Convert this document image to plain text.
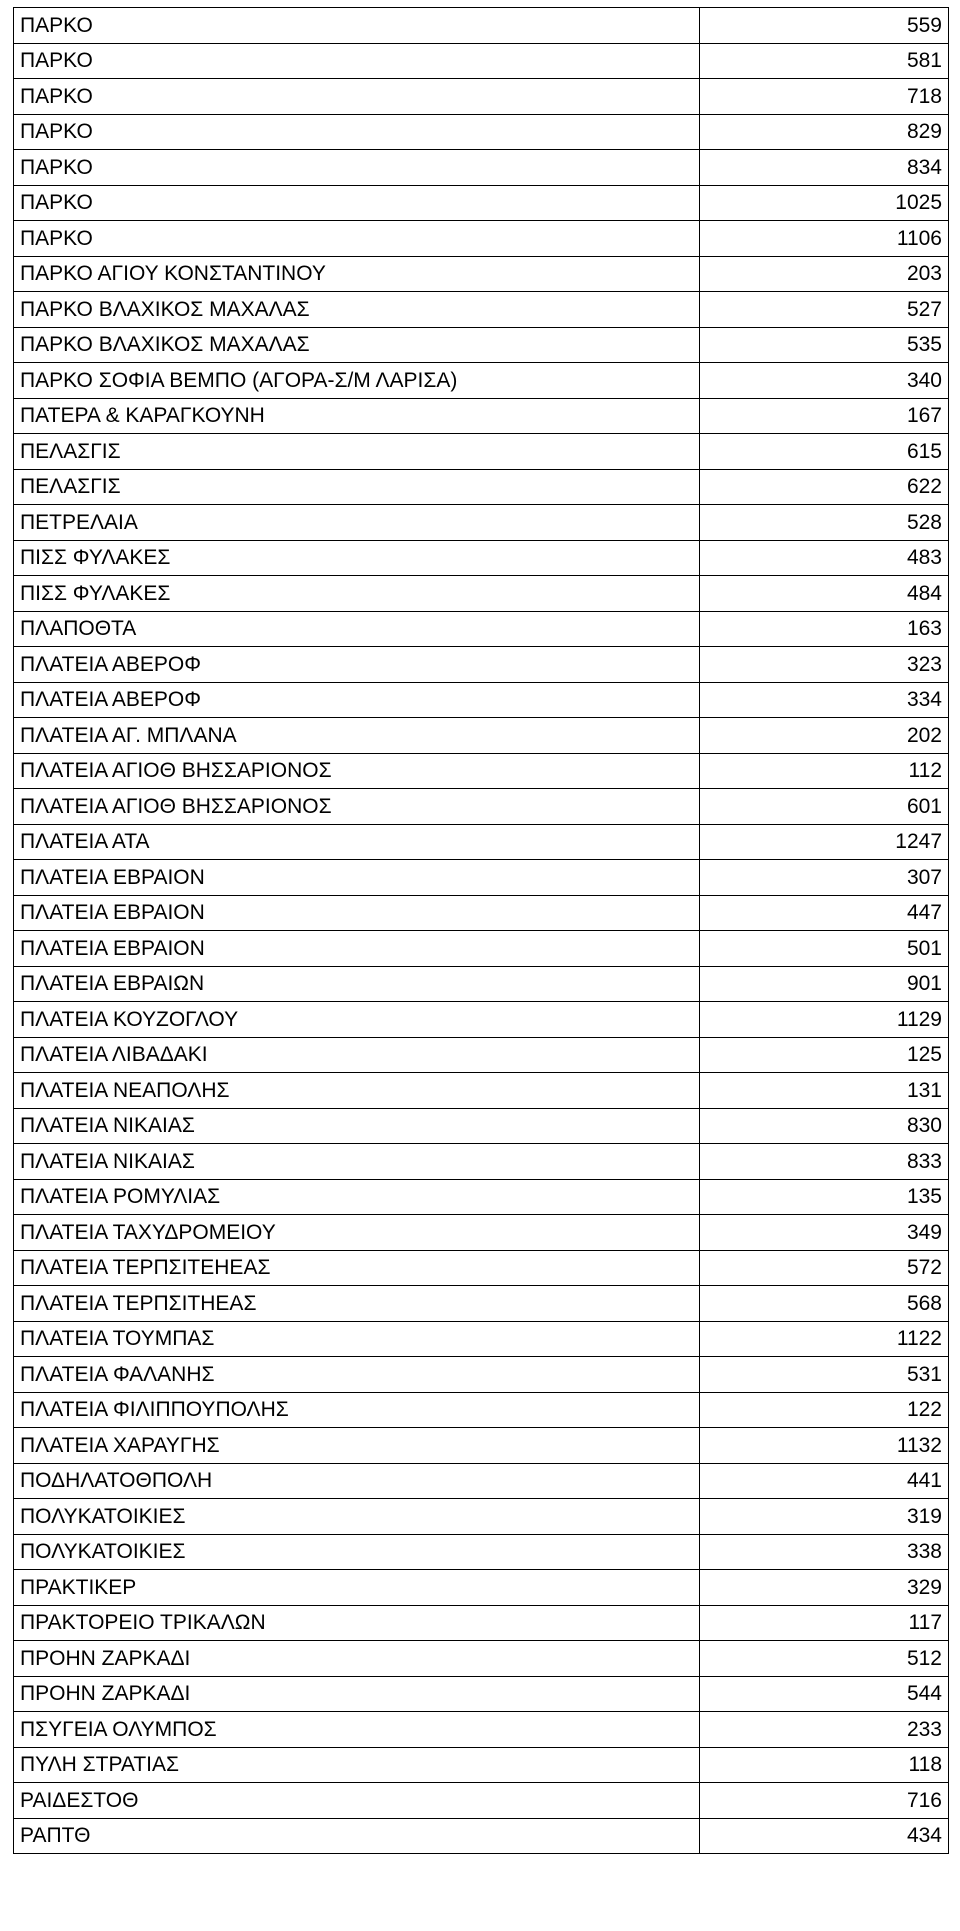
ΠΑΡΚΟ	559
ΠΑΡΚΟ	581
ΠΑΡΚΟ	718
ΠΑΡΚΟ	829
ΠΑΡΚΟ	834
ΠΑΡΚΟ	1025
ΠΑΡΚΟ	1106
ΠΑΡΚΟ ΑΓΙΟΥ ΚΟΝΣΤΑΝΤΙΝΟΥ	203
ΠΑΡΚΟ ΒΛΑΧΙΚΟΣ ΜΑΧΑΛΑΣ	527
ΠΑΡΚΟ ΒΛΑΧΙΚΟΣ ΜΑΧΑΛΑΣ	535
ΠΑΡΚΟ ΣΟΦΙΑ ΒΕΜΠΟ (ΑΓΟΡΑ-Σ/Μ ΛΑΡΙΣΑ)	340
ΠΑΤΕΡΑ & ΚΑΡΑΓΚΟΥΝΗ	167
ΠΕΛΑΣΓΙΣ	615
ΠΕΛΑΣΓΙΣ	622
ΠΕΤΡΕΛΑΙΑ	528
ΠΙΣΣ ΦΥΛΑΚΕΣ	483
ΠΙΣΣ ΦΥΛΑΚΕΣ	484
ΠΛΑΠΟΘΤΑ	163
ΠΛΑΤΕΙΑ ΑΒΕΡΟΦ	323
ΠΛΑΤΕΙΑ ΑΒΕΡΟΦ	334
ΠΛΑΤΕΙΑ ΑΓ. ΜΠΛΑΝΑ	202
ΠΛΑΤΕΙΑ ΑΓΙΟΘ ΒΗΣΣΑΡΙΟΝΟΣ	112
ΠΛΑΤΕΙΑ ΑΓΙΟΘ ΒΗΣΣΑΡΙΟΝΟΣ	601
ΠΛΑΤΕΙΑ ΑΤΑ	1247
ΠΛΑΤΕΙΑ ΕΒΡΑΙΟΝ	307
ΠΛΑΤΕΙΑ ΕΒΡΑΙΟΝ	447
ΠΛΑΤΕΙΑ ΕΒΡΑΙΟΝ	501
ΠΛΑΤΕΙΑ ΕΒΡΑΙΩΝ	901
ΠΛΑΤΕΙΑ ΚΟΥΖΟΓΛΟΥ	1129
ΠΛΑΤΕΙΑ ΛΙΒΑΔΑΚΙ	125
ΠΛΑΤΕΙΑ ΝΕΑΠΟΛΗΣ	131
ΠΛΑΤΕΙΑ ΝΙΚΑΙΑΣ	830
ΠΛΑΤΕΙΑ ΝΙΚΑΙΑΣ	833
ΠΛΑΤΕΙΑ ΡΟΜΥΛΙΑΣ	135
ΠΛΑΤΕΙΑ ΤΑΧΥΔΡΟΜΕΙΟΥ	349
ΠΛΑΤΕΙΑ ΤΕΡΠΣΙΤΕΗΕΑΣ	572
ΠΛΑΤΕΙΑ ΤΕΡΠΣΙΤΗΕΑΣ	568
ΠΛΑΤΕΙΑ ΤΟΥΜΠΑΣ	1122
ΠΛΑΤΕΙΑ ΦΑΛΑΝΗΣ	531
ΠΛΑΤΕΙΑ ΦΙΛΙΠΠΟΥΠΟΛΗΣ	122
ΠΛΑΤΕΙΑ ΧΑΡΑΥΓΗΣ	1132
ΠΟΔΗΛΑΤΟΘΠΟΛΗ	441
ΠΟΛΥΚΑΤΟΙΚΙΕΣ	319
ΠΟΛΥΚΑΤΟΙΚΙΕΣ	338
ΠΡΑΚΤΙΚΕΡ	329
ΠΡΑΚΤΟΡΕΙΟ ΤΡΙΚΑΛΩΝ	117
ΠΡΟΗΝ ΖΑΡΚΑΔΙ	512
ΠΡΟΗΝ ΖΑΡΚΑΔΙ	544
ΠΣΥΓΕΙΑ ΟΛΥΜΠΟΣ	233
ΠΥΛΗ ΣΤΡΑΤΙΑΣ	118
ΡΑΙΔΕΣΤΟΘ	716
ΡΑΠΤΘ	434
